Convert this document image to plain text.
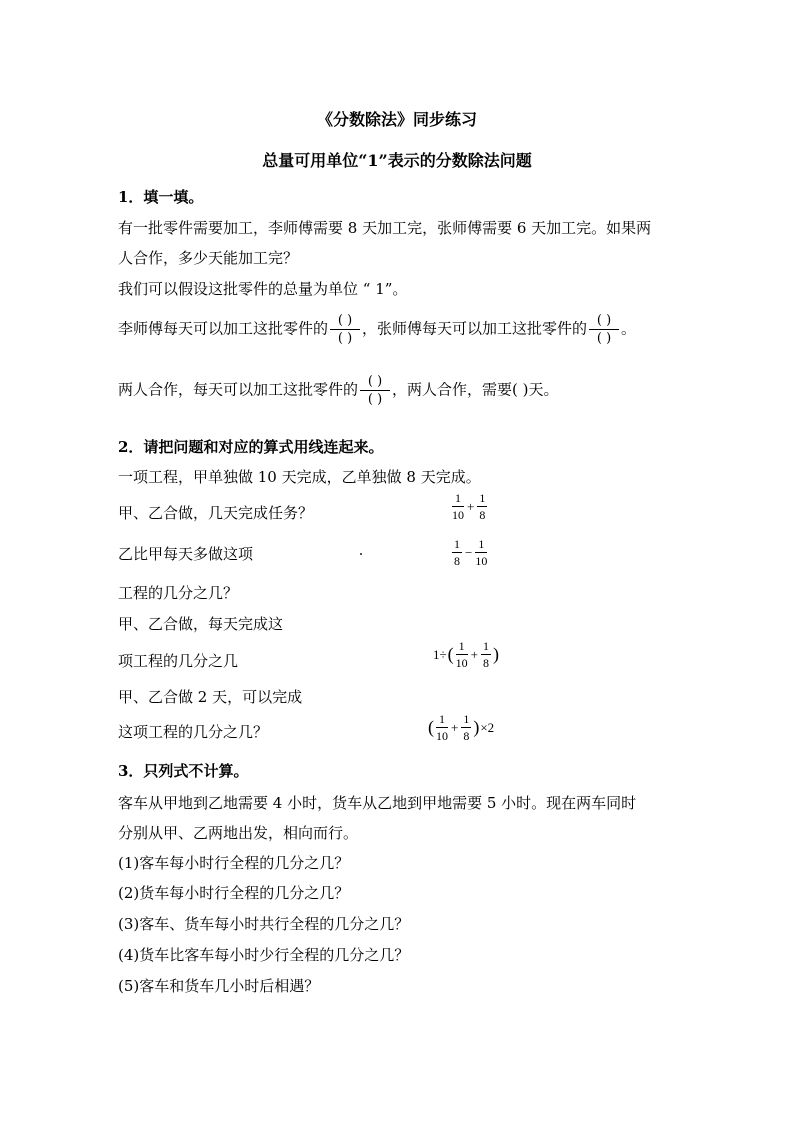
《分数除法》同步练习
总量可用单位“1”表示的分数除法问题
1．填一填。
有一批零件需要加工，李师傅需要 8 天加工完，张师傅需要 6 天加工完。如果两
人合作，多少天能加工完？
我们可以假设这批零件的总量为单位 “ 1”。
李师傅每天可以加工这批零件的 $\frac{( )}{( )}$ ，张师傅每天可以加工这批零件的 $\frac{( )}{( )}$ 。
两人合作，每天可以加工这批零件的 $\frac{( )}{( )}$ ，两人合作，需要( )天。
2．请把问题和对应的算式用线连起来。
一项工程，甲单独做 10 天完成，乙单独做 8 天完成。
甲、乙合做，几天完成任务？
乙比甲每天多做这项
工程的几分之几？
甲、乙合做，每天完成这
项工程的几分之几
甲、乙合做 2 天，可以完成
这项工程的几分之几？
$\frac{1}{10} + \frac{1}{8}$
$\frac{1}{8} - \frac{1}{10}$
$1\div( \frac{1}{10} + \frac{1}{8}$ )
( $\frac{1}{10} + \frac{1}{8} )\times 2$
3．只列式不计算。
客车从甲地到乙地需要 4 小时，货车从乙地到甲地需要 5 小时。现在两车同时
分别从甲、乙两地出发，相向而行。
(1)客车每小时行全程的几分之几？
(2)货车每小时行全程的几分之几？
(3)客车、货车每小时共行全程的几分之几？
(4)货车比客车每小时少行全程的几分之几？
(5)客车和货车几小时后相遇？
